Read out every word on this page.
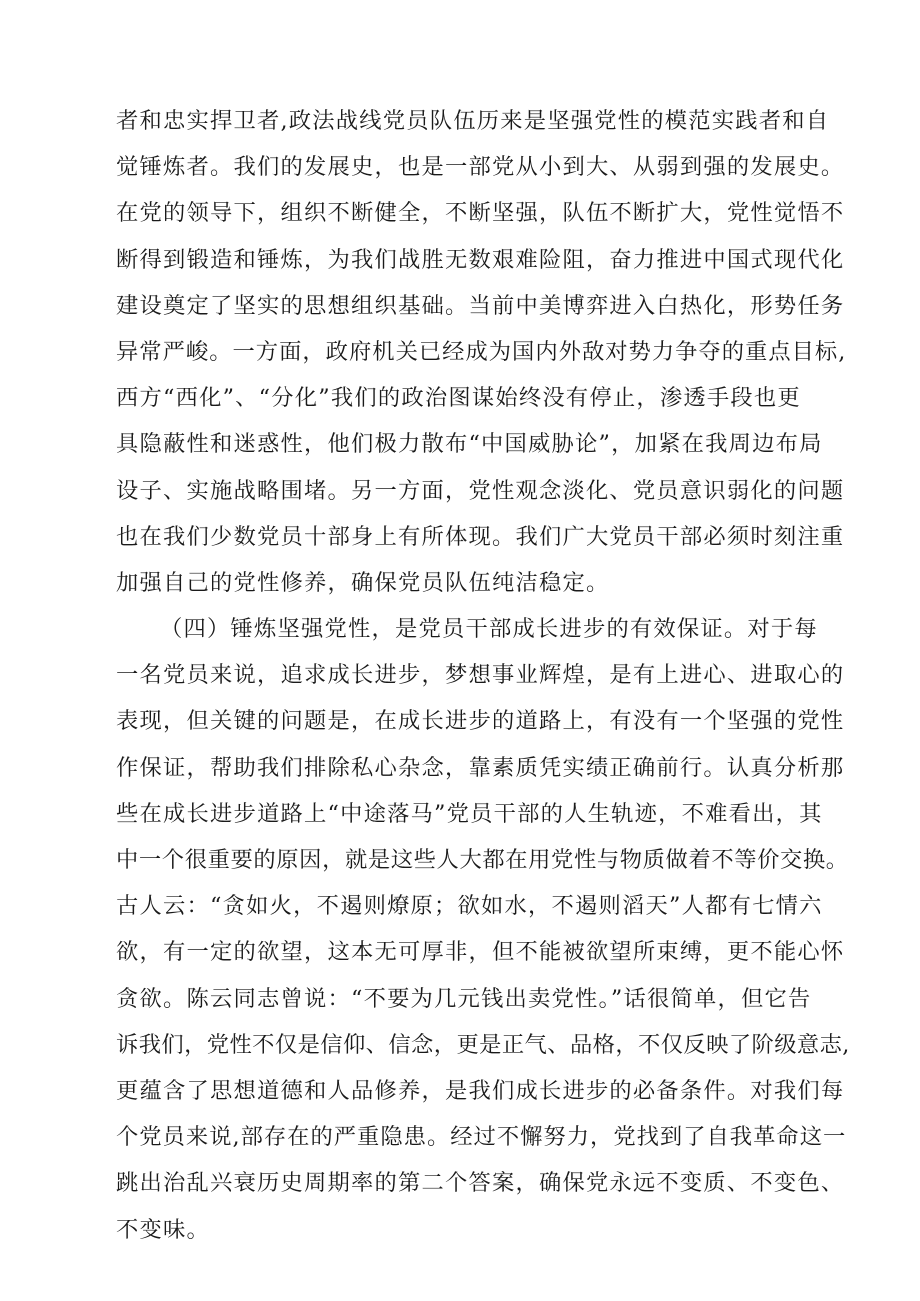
者和忠实捍卫者,政法战线党员队伍历来是坚强党性的模范实践者和自
觉锤炼者。我们的发展史，也是一部党从小到大、从弱到强的发展史。
在党的领导下，组织不断健全，不断坚强，队伍不断扩大，党性觉悟不
断得到锻造和锤炼，为我们战胜无数艰难险阻，奋力推进中国式现代化
建设奠定了坚实的思想组织基础。当前中美博弈进入白热化，形势任务
异常严峻。一方面，政府机关已经成为国内外敌对势力争夺的重点目标,
西方“西化”、“分化”我们的政治图谋始终没有停止，渗透手段也更
具隐蔽性和迷惑性，他们极力散布“中国威胁论”，加紧在我周边布局
设子、实施战略围堵。另一方面，党性观念淡化、党员意识弱化的问题
也在我们少数党员十部身上有所体现。我们广大党员干部必须时刻注重
加强自己的党性修养，确保党员队伍纯洁稳定。
（四）锤炼坚强党性，是党员干部成长进步的有效保证。对于每
一名党员来说，追求成长进步，梦想事业辉煌，是有上进心、进取心的
表现，但关键的问题是，在成长进步的道路上，有没有一个坚强的党性
作保证，帮助我们排除私心杂念，靠素质凭实绩正确前行。认真分析那
些在成长进步道路上“中途落马”党员干部的人生轨迹，不难看出，其
中一个很重要的原因，就是这些人大都在用党性与物质做着不等价交换。
古人云：“贪如火，不遏则燎原；欲如水，不遏则滔天”人都有七情六
欲，有一定的欲望，这本无可厚非，但不能被欲望所束缚，更不能心怀
贪欲。陈云同志曾说：“不要为几元钱出卖党性。”话很简单，但它告
诉我们，党性不仅是信仰、信念，更是正气、品格，不仅反映了阶级意志,
更蕴含了思想道德和人品修养，是我们成长进步的必备条件。对我们每
个党员来说,部存在的严重隐患。经过不懈努力，党找到了自我革命这一
跳出治乱兴衰历史周期率的第二个答案，确保党永远不变质、不变色、
不变味。
